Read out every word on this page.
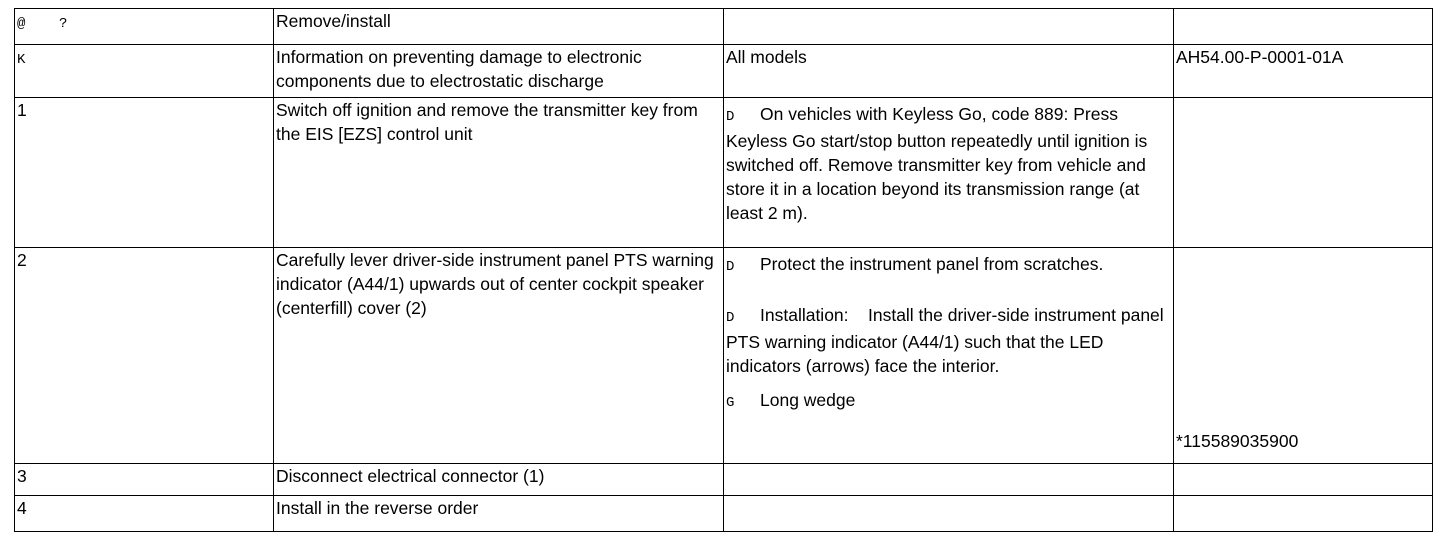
@    ?	Remove/install		
K	Information on preventing damage to electronic components due to electrostatic discharge	All models	AH54.00-P-0001-01A
1	Switch off ignition and remove the transmitter key from the EIS [EZS] control unit	D On vehicles with Keyless Go, code 889: Press Keyless Go start/stop button repeatedly until ignition is switched off. Remove transmitter key from vehicle and store it in a location beyond its transmission range (at least 2 m).	

2	Carefully lever driver-side instrument panel PTS warning indicator (A44/1) upwards out of center cockpit speaker (centerfill) cover (2)	D Protect the instrument panel from scratches.
D Installation: Install the driver-side instrument panel PTS warning indicator (A44/1) such that the LED indicators (arrows) face the interior.
G Long wedge	*115589035900

3	Disconnect electrical connector (1)		
4	Install in the reverse order		
